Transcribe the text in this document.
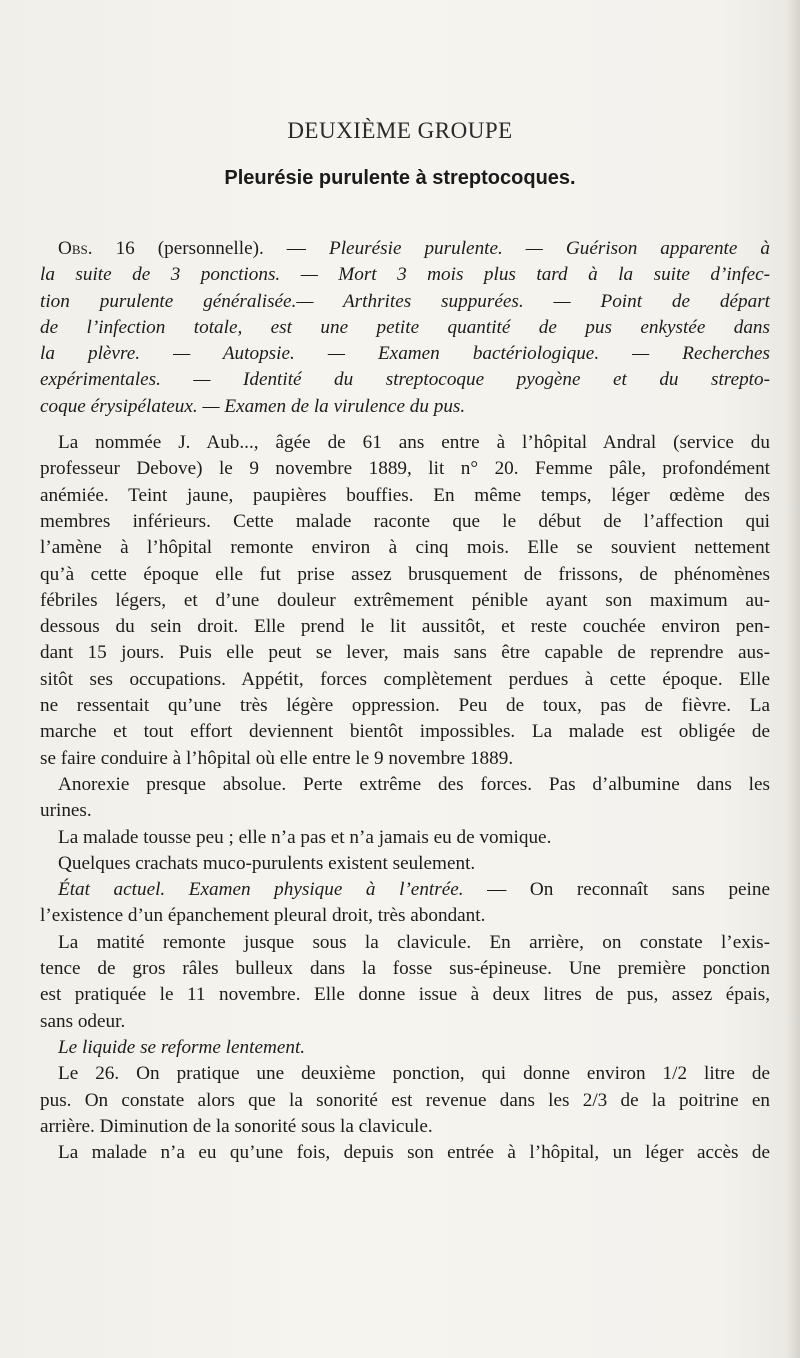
DEUXIÈME GROUPE
Pleurésie purulente à streptocoques.

Obs. 16 (personnelle). — Pleurésie purulente. — Guérison apparente à

la suite de 3 ponctions. — Mort 3 mois plus tard à la suite d’infec-

tion purulente généralisée.— Arthrites suppurées. — Point de départ

de l’infection totale, est une petite quantité de pus enkystée dans

la plèvre. — Autopsie. — Examen bactériologique. — Recherches

expérimentales. — Identité du streptocoque pyogène et du strepto-

coque érysipélateux. — Examen de la virulence du pus.

La nommée J. Aub..., âgée de 61 ans entre à l’hôpital Andral (service du

professeur Debove) le 9 novembre 1889, lit n° 20. Femme pâle, profondément

anémiée. Teint jaune, paupières bouffies. En même temps, léger œdème des

membres inférieurs. Cette malade raconte que le début de l’affection qui

l’amène à l’hôpital remonte environ à cinq mois. Elle se souvient nettement

qu’à cette époque elle fut prise assez brusquement de frissons, de phénomènes

fébriles légers, et d’une douleur extrêmement pénible ayant son maximum au-

dessous du sein droit. Elle prend le lit aussitôt, et reste couchée environ pen-

dant 15 jours. Puis elle peut se lever, mais sans être capable de reprendre aus-

sitôt ses occupations. Appétit, forces complètement perdues à cette époque. Elle

ne ressentait qu’une très légère oppression. Peu de toux, pas de fièvre. La

marche et tout effort deviennent bientôt impossibles. La malade est obligée de

se faire conduire à l’hôpital où elle entre le 9 novembre 1889.

Anorexie presque absolue. Perte extrême des forces. Pas d’albumine dans les

urines.

La malade tousse peu ; elle n’a pas et n’a jamais eu de vomique.

Quelques crachats muco-purulents existent seulement.

État actuel. Examen physique à l’entrée. — On reconnaît sans peine

l’existence d’un épanchement pleural droit, très abondant.

La matité remonte jusque sous la clavicule. En arrière, on constate l’exis-

tence de gros râles bulleux dans la fosse sus-épineuse. Une première ponction

est pratiquée le 11 novembre. Elle donne issue à deux litres de pus, assez épais,

sans odeur.

Le liquide se reforme lentement.

Le 26. On pratique une deuxième ponction, qui donne environ 1/2 litre de

pus. On constate alors que la sonorité est revenue dans les 2/3 de la poitrine en

arrière. Diminution de la sonorité sous la clavicule.

La malade n’a eu qu’une fois, depuis son entrée à l’hôpital, un léger accès de
